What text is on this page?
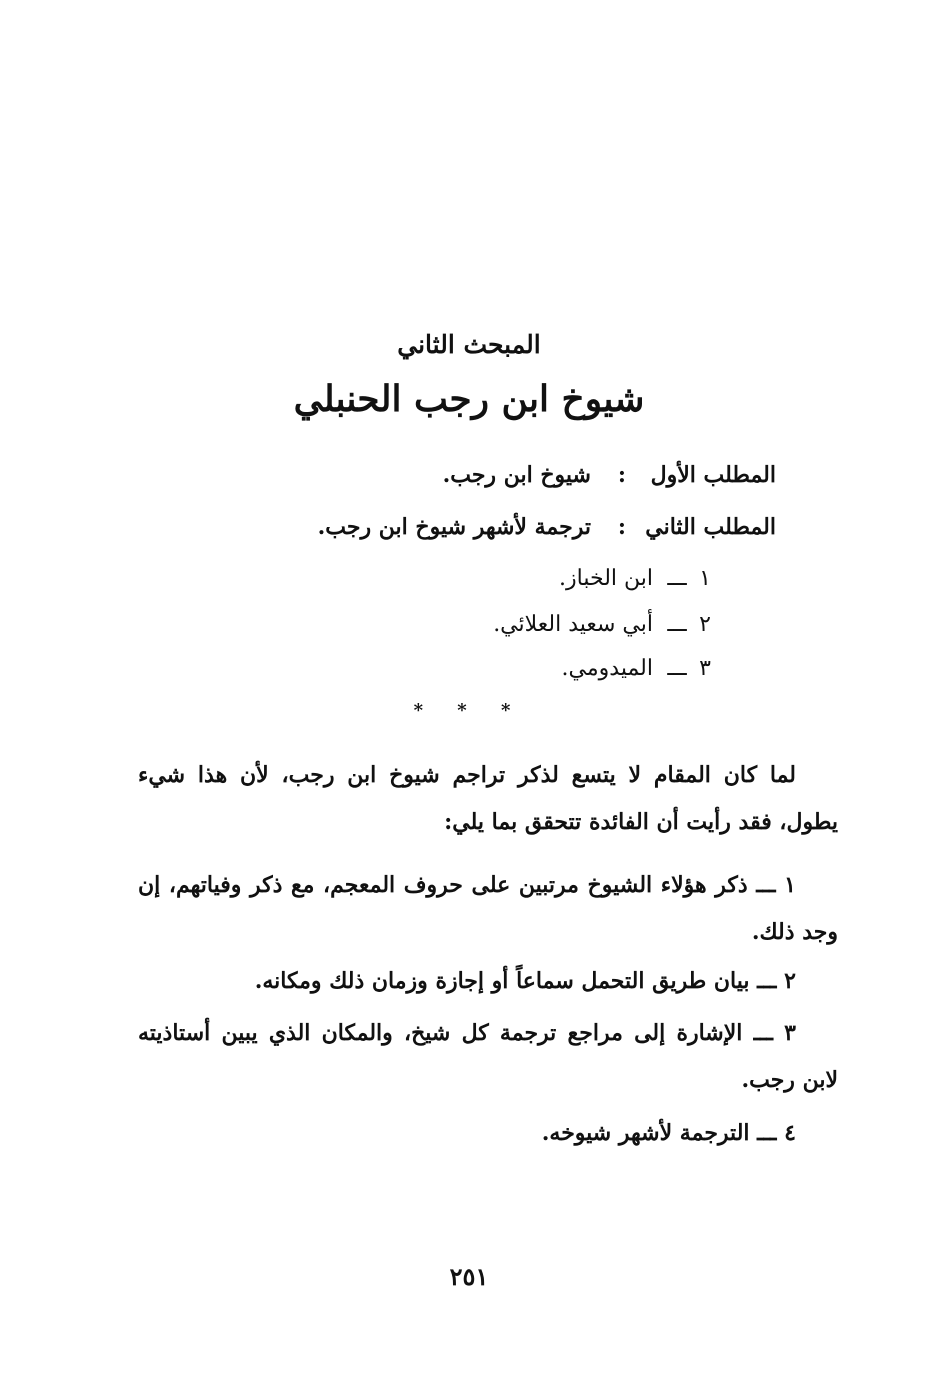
المبحث الثاني
شيوخ ابن رجب الحنبلي
المطلب الأول
:
شيوخ ابن رجب.
المطلب الثاني
:
ترجمة لأشهر شيوخ ابن رجب.
١ـــ ابن الخباز.
٢ـــ أبي سعيد العلائي.
٣ـــ الميدومي.
* * *

لما كان المقام لا يتسع لذكر تراجم شيوخ ابن رجب، لأن هذا شيء يطول، فقد رأيت أن الفائدة تتحقق بما يلي:

١ ـــ ذكر هؤلاء الشيوخ مرتبين على حروف المعجم، مع ذكر وفياتهم، إن وجد ذلك.

٢ ـــ بيان طريق التحمل سماعاً أو إجازة وزمان ذلك ومكانه.

٣ ـــ الإشارة إلى مراجع ترجمة كل شيخ، والمكان الذي يبين أستاذيته لابن رجب.

٤ ـــ الترجمة لأشهر شيوخه.

٢٥١
